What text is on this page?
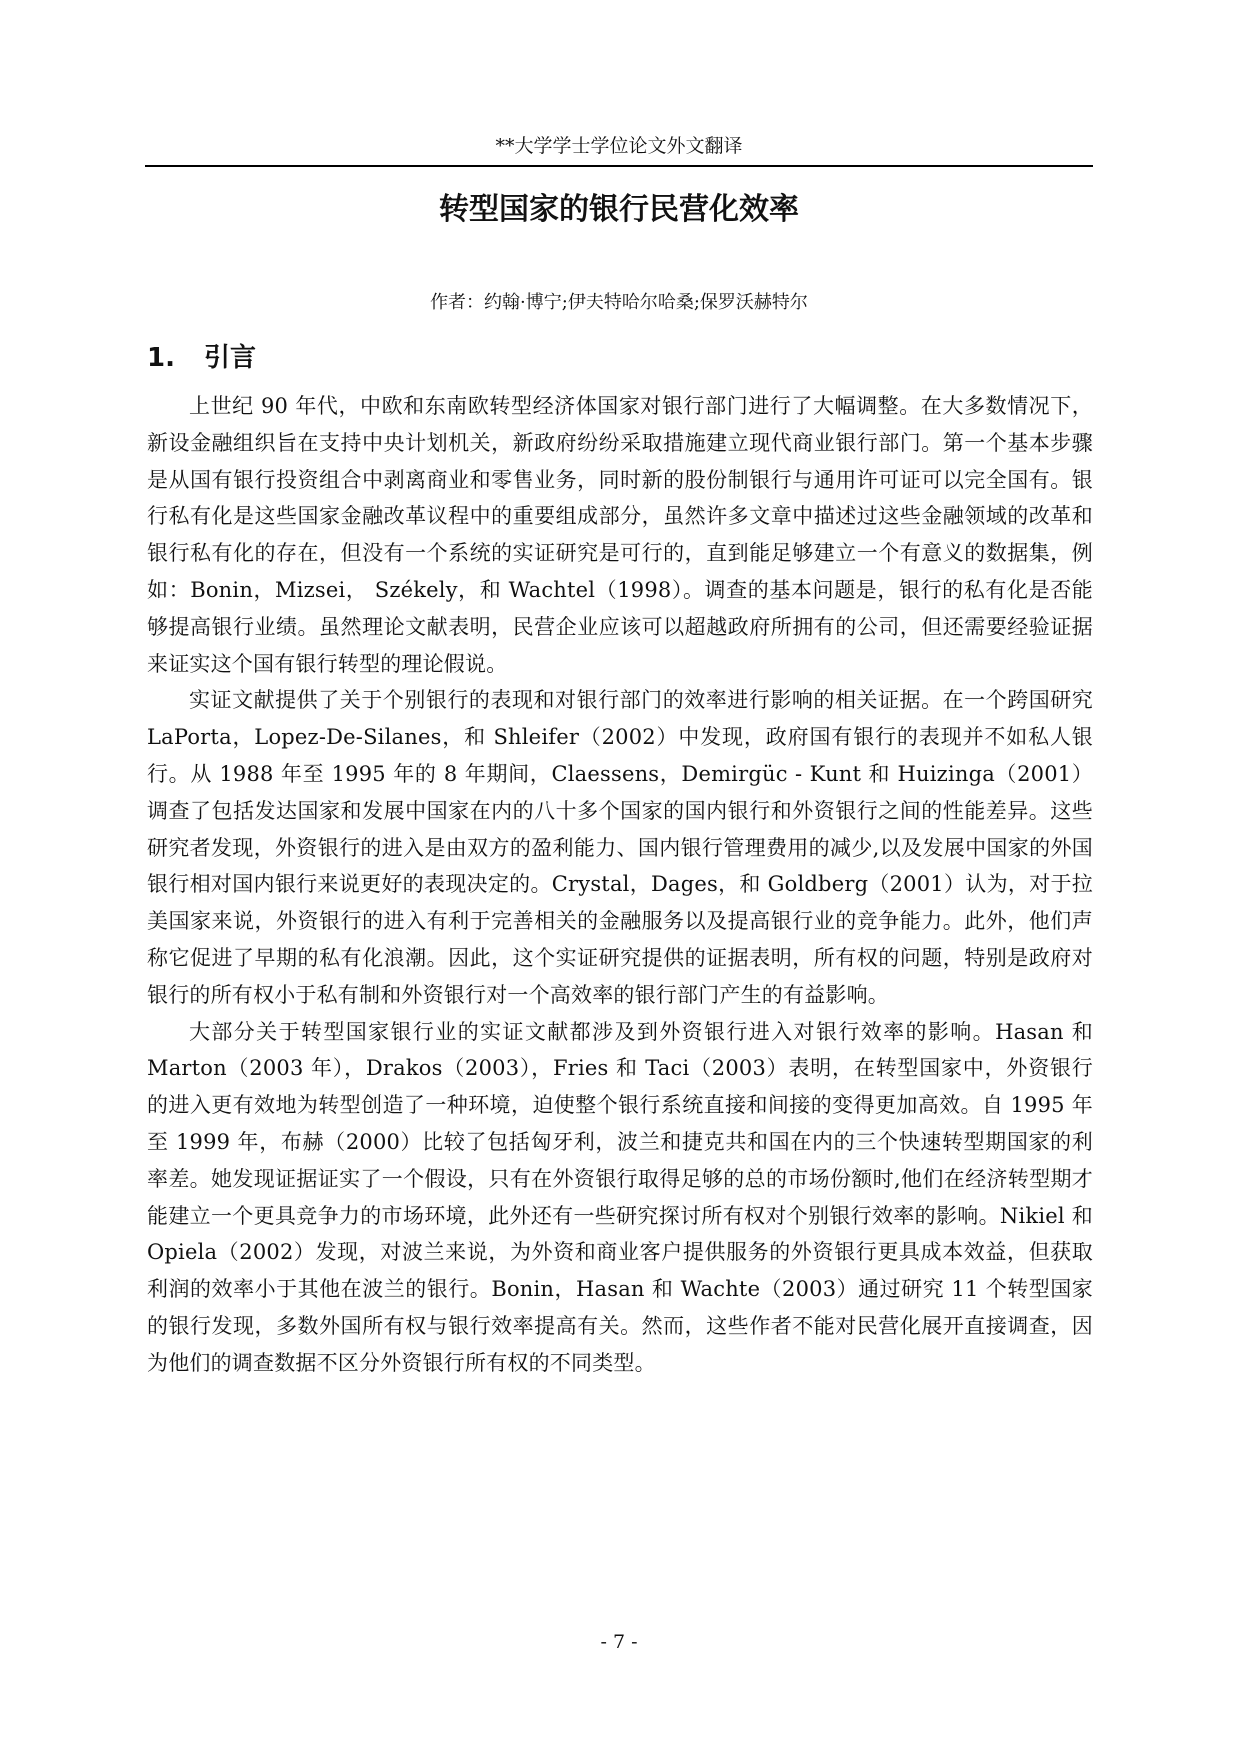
**大学学士学位论文外文翻译
转型国家的银行民营化效率
作者：约翰·博宁;伊夫特哈尔哈桑;保罗沃赫特尔
1. 引言

上世纪 90 年代，中欧和东南欧转型经济体国家对银行部门进行了大幅调整。在大多数情况下，新设金融组织旨在支持中央计划机关，新政府纷纷采取措施建立现代商业银行部门。第一个基本步骤是从国有银行投资组合中剥离商业和零售业务，同时新的股份制银行与通用许可证可以完全国有。银行私有化是这些国家金融改革议程中的重要组成部分，虽然许多文章中描述过这些金融领域的改革和银行私有化的存在，但没有一个系统的实证研究是可行的，直到能足够建立一个有意义的数据集，例如：Bonin，Mizsei， Székely，和 Wachtel（1998）。调查的基本问题是，银行的私有化是否能够提高银行业绩。虽然理论文献表明，民营企业应该可以超越政府所拥有的公司，但还需要经验证据来证实这个国有银行转型的理论假说。

实证文献提供了关于个别银行的表现和对银行部门的效率进行影响的相关证据。在一个跨国研究 LaPorta，Lopez-De-Silanes，和 Shleifer（2002）中发现，政府国有银行的表现并不如私人银行。从 1988 年至 1995 年的 8 年期间，Claessens，Demirgüc - Kunt 和 Huizinga（2001）调查了包括发达国家和发展中国家在内的八十多个国家的国内银行和外资银行之间的性能差异。这些研究者发现，外资银行的进入是由双方的盈利能力、国内银行管理费用的减少,以及发展中国家的外国银行相对国内银行来说更好的表现决定的。Crystal，Dages，和 Goldberg（2001）认为，对于拉美国家来说，外资银行的进入有利于完善相关的金融服务以及提高银行业的竞争能力。此外，他们声称它促进了早期的私有化浪潮。因此，这个实证研究提供的证据表明，所有权的问题，特别是政府对银行的所有权小于私有制和外资银行对一个高效率的银行部门产生的有益影响。

大部分关于转型国家银行业的实证文献都涉及到外资银行进入对银行效率的影响。Hasan 和 Marton（2003 年），Drakos（2003），Fries 和 Taci（2003）表明，在转型国家中，外资银行的进入更有效地为转型创造了一种环境，迫使整个银行系统直接和间接的变得更加高效。自 1995 年至 1999 年，布赫（2000）比较了包括匈牙利，波兰和捷克共和国在内的三个快速转型期国家的利率差。她发现证据证实了一个假设，只有在外资银行取得足够的总的市场份额时,他们在经济转型期才能建立一个更具竞争力的市场环境，此外还有一些研究探讨所有权对个别银行效率的影响。Nikiel 和 Opiela（2002）发现，对波兰来说，为外资和商业客户提供服务的外资银行更具成本效益，但获取利润的效率小于其他在波兰的银行。Bonin，Hasan 和 Wachte（2003）通过研究 11 个转型国家的银行发现，多数外国所有权与银行效率提高有关。然而，这些作者不能对民营化展开直接调查，因为他们的调查数据不区分外资银行所有权的不同类型。

- 7 -
